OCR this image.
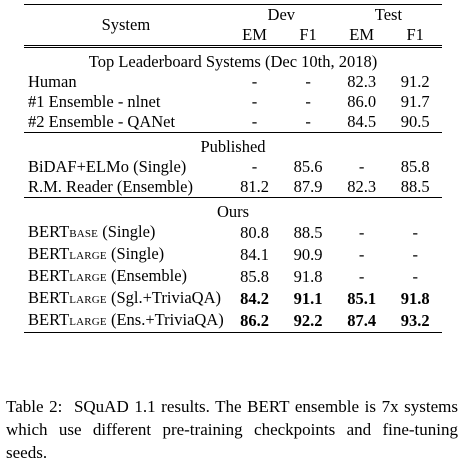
System	Dev		Test	
	EM	F1	EM	F1
Top Leaderboard Systems (Dec 10th, 2018)				
Human	-	-	82.3	91.2
#1 Ensemble - nlnet	-	-	86.0	91.7
#2 Ensemble - QANet	-	-	84.5	90.5
Published				
BiDAF+ELMo (Single)	-	85.6	-	85.8
R.M. Reader (Ensemble)	81.2	87.9	82.3	88.5
Ours				
BERTBASE (Single)	80.8	88.5	-	-
BERTLARGE (Single)	84.1	90.9	-	-
BERTLARGE (Ensemble)	85.8	91.8	-	-
BERTLARGE (Sgl.+TriviaQA)	84.2	91.1	85.1	91.8
BERTLARGE (Ens.+TriviaQA)	86.2	92.2	87.4	93.2
Table 2: SQuAD 1.1 results. The BERT ensemble is 7x systems which use different pre-training checkpoints and fine-tuning seeds.
